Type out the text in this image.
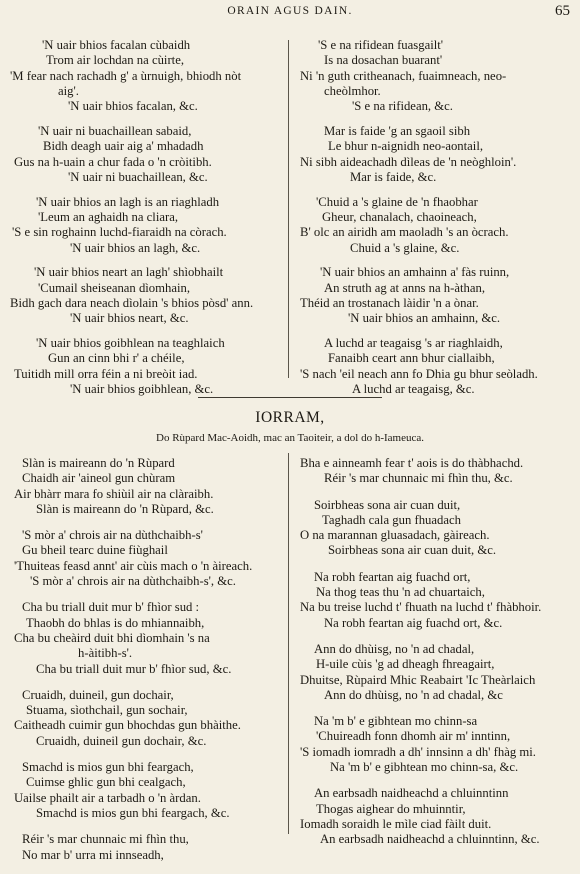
ORAIN AGUS DAIN.	65
'N uair bhios facalan cùbaidh
Trom air lochdan na cùirte,
'M fear nach rachadh g' a ùrnuigh, bhiodh nòt
aig'.
'N uair bhios facalan, &c.
'N uair ni buachaillean sabaid,
Bidh deagh uair aig a' mhadadh
Gus na h-uain a chur fada o 'n cròitibh.
'N uair ni buachaillean, &c.
'N uair bhios an lagh is an riaghladh
'Leum an aghaidh na cliara,
'S e sin roghainn luchd-fiaraidh na còrach.
'N uair bhios an lagh, &c.
'N uair bhios neart an lagh' shìobhailt
'Cumail sheiseanan dìomhain,
Bidh gach dara neach dìolain 's bhios pòsd' ann.
'N uair bhios neart, &c.
'N uair bhios goibhlean na teaghlaich
Gun an cinn bhi r' a chéile,
Tuitidh mill orra féin a ni breòit iad.
'N uair bhios goibhlean, &c.
'S e na rifidean fuasgailt'
Is na dosachan buarant'
Ni 'n guth critheanach, fuaimneach, neo-
cheòlmhor.
'S e na rifidean, &c.
Mar is faide 'g an sgaoil sibh
Le bhur n-aignidh neo-aontail,
Ni sibh aideachadh dìleas de 'n neòghloin'.
Mar is faide, &c.
'Chuid a 's glaine de 'n fhaobhar
Gheur, chanalach, chaoineach,
B' olc an airidh am maoladh 's an òcrach.
Chuid a 's glaine, &c.
'N uair bhios an amhainn a' fàs ruinn,
An struth ag at anns na h-àthan,
Théid an trostanach làidir 'n a ònar.
'N uair bhios an amhainn, &c.
A luchd ar teagaisg 's ar riaghlaidh,
Fanaibh ceart ann bhur ciallaibh,
'S nach 'eil neach ann fo Dhia gu bhur seòladh.
A luchd ar teagaisg, &c.
IORRAM,
Do Rùpard Mac-Aoidh, mac an Taoiteir, a dol do h-Iameuca.
Slàn is maireann do 'n Rùpard
Chaidh air 'aineol gun chùram
Air bhàrr mara fo shiùil air na clàraibh.
Slàn is maireann do 'n Rùpard, &c.
'S mòr a' chrois air na dùthchaibh-s'
Gu bheil tearc duine fiùghail
'Thuiteas feasd annt' air cùis mach o 'n àireach.
'S mòr a' chrois air na dùthchaibh-s', &c.
Cha bu triall duit mur b' fhìor sud :
Thaobh do bhlas is do mhiannaibh,
Cha bu cheàird duit bhi dìomhain 's na
h-àitibh-s'.
Cha bu triall duit mur b' fhìor sud, &c.
Cruaidh, duineil, gun dochair,
Stuama, sìothchail, gun sochair,
Caitheadh cuimir gun bhochdas gun bhàithe.
Cruaidh, duineil gun dochair, &c.
Smachd is mios gun bhi feargach,
Cuimse ghlic gun bhi cealgach,
Uailse phailt air a tarbadh o 'n àrdan.
Smachd is mios gun bhi feargach, &c.
Réir 's mar chunnaic mi fhìn thu,
No mar b' urra mi innseadh,
Bha e ainneamh fear t' aois is do thàbhachd.
Réir 's mar chunnaic mi fhìn thu, &c.
Soirbheas sona air cuan duit,
Taghadh cala gun fhuadach
O na marannan gluasadach, gàireach.
Soirbheas sona air cuan duit, &c.
Na robh feartan aig fuachd ort,
Na thog teas thu 'n ad chuartaich,
Na bu treise luchd t' fhuath na luchd t' fhàbhoir.
Na robh feartan aig fuachd ort, &c.
Ann do dhùisg, no 'n ad chadal,
H-uile cùis 'g ad dheagh fhreagairt,
Dhuitse, Rùpaird Mhic Reabairt 'Ic Theàrlaich
Ann do dhùisg, no 'n ad chadal, &c
Na 'm b' e gibhtean mo chinn-sa
'Chuireadh fonn dhomh air m' inntinn,
'S iomadh iomradh a dh' innsinn a dh' fhàg mi.
Na 'm b' e gibhtean mo chinn-sa, &c.
An earbsadh naidheachd a chluinntinn
Thogas aighear do mhuinntir,
Iomadh soraidh le mìle ciad fàilt duit.
An earbsadh naidheachd a chluinntinn, &c.
